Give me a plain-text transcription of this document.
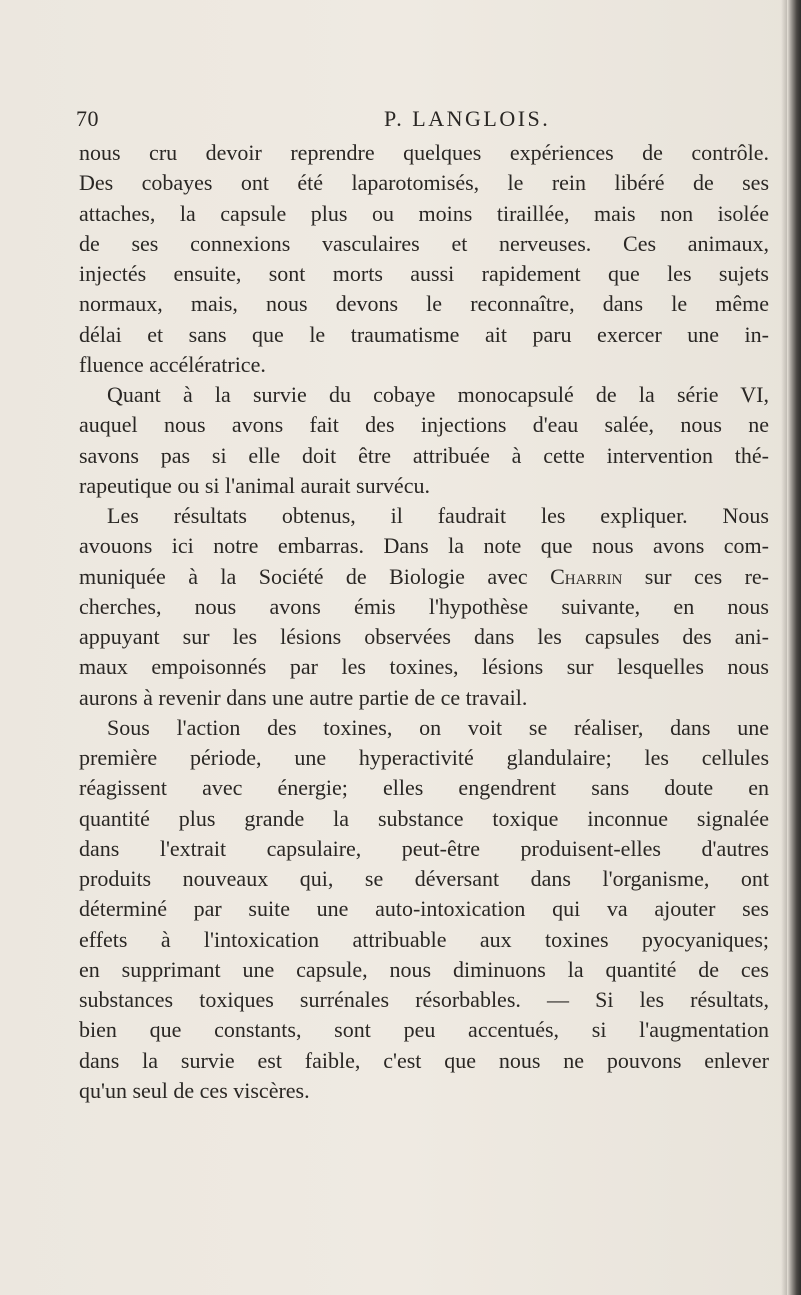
70	P. LANGLOIS.
nous cru devoir reprendre quelques expériences de contrôle.
Des cobayes ont été laparotomisés, le rein libéré de ses
attaches, la capsule plus ou moins tiraillée, mais non isolée
de ses connexions vasculaires et nerveuses. Ces animaux,
injectés ensuite, sont morts aussi rapidement que les sujets
normaux, mais, nous devons le reconnaître, dans le même
délai et sans que le traumatisme ait paru exercer une in-
fluence accélératrice.
Quant à la survie du cobaye monocapsulé de la série VI,
auquel nous avons fait des injections d'eau salée, nous ne
savons pas si elle doit être attribuée à cette intervention thé-
rapeutique ou si l'animal aurait survécu.
Les résultats obtenus, il faudrait les expliquer. Nous
avouons ici notre embarras. Dans la note que nous avons com-
muniquée à la Société de Biologie avec Charrin sur ces re-
cherches, nous avons émis l'hypothèse suivante, en nous
appuyant sur les lésions observées dans les capsules des ani-
maux empoisonnés par les toxines, lésions sur lesquelles nous
aurons à revenir dans une autre partie de ce travail.
Sous l'action des toxines, on voit se réaliser, dans une
première période, une hyperactivité glandulaire; les cellules
réagissent avec énergie; elles engendrent sans doute en
quantité plus grande la substance toxique inconnue signalée
dans l'extrait capsulaire, peut-être produisent-elles d'autres
produits nouveaux qui, se déversant dans l'organisme, ont
déterminé par suite une auto-intoxication qui va ajouter ses
effets à l'intoxication attribuable aux toxines pyocyaniques;
en supprimant une capsule, nous diminuons la quantité de ces
substances toxiques surrénales résorbables. — Si les résultats,
bien que constants, sont peu accentués, si l'augmentation
dans la survie est faible, c'est que nous ne pouvons enlever
qu'un seul de ces viscères.
